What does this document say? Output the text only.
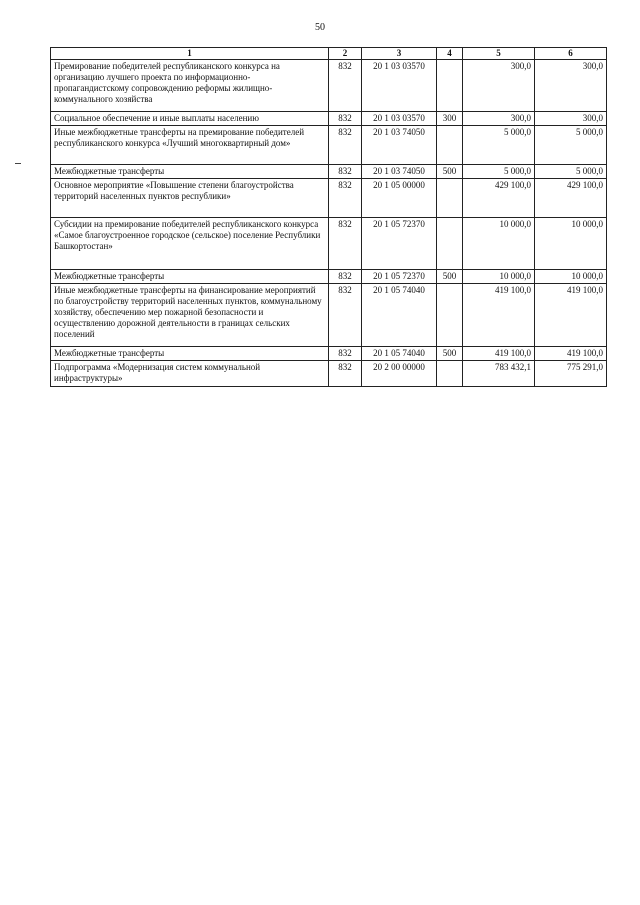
50
1	2	3	4	5	6
Премирование победителей республиканского конкурса на организацию лучшего проекта по информационно-пропагандистскому сопровождению реформы жилищно-коммунального хозяйства	832	20 1 03 03570		300,0	300,0
Социальное обеспечение и иные выплаты населению	832	20 1 03 03570	300	300,0	300,0
Иные межбюджетные трансферты на премирование победителей республиканского конкурса «Лучший многоквартирный дом»	832	20 1 03 74050		5 000,0	5 000,0
Межбюджетные трансферты	832	20 1 03 74050	500	5 000,0	5 000,0
Основное мероприятие «Повышение степени благоустройства территорий населенных пунктов республики»	832	20 1 05 00000		429 100,0	429 100,0
Субсидии на премирование победителей республиканского конкурса «Самое благоустроенное городское (сельское) поселение Республики Башкортостан»	832	20 1 05 72370		10 000,0	10 000,0
Межбюджетные трансферты	832	20 1 05 72370	500	10 000,0	10 000,0
Иные межбюджетные трансферты на финансирование мероприятий по благоустройству территорий населенных пунктов, коммунальному хозяйству, обеспечению мер пожарной безопасности и осуществлению дорожной деятельности в границах сельских поселений	832	20 1 05 74040		419 100,0	419 100,0
Межбюджетные трансферты	832	20 1 05 74040	500	419 100,0	419 100,0
Подпрограмма «Модернизация систем коммунальной инфраструктуры»	832	20 2 00 00000		783 432,1	775 291,0
